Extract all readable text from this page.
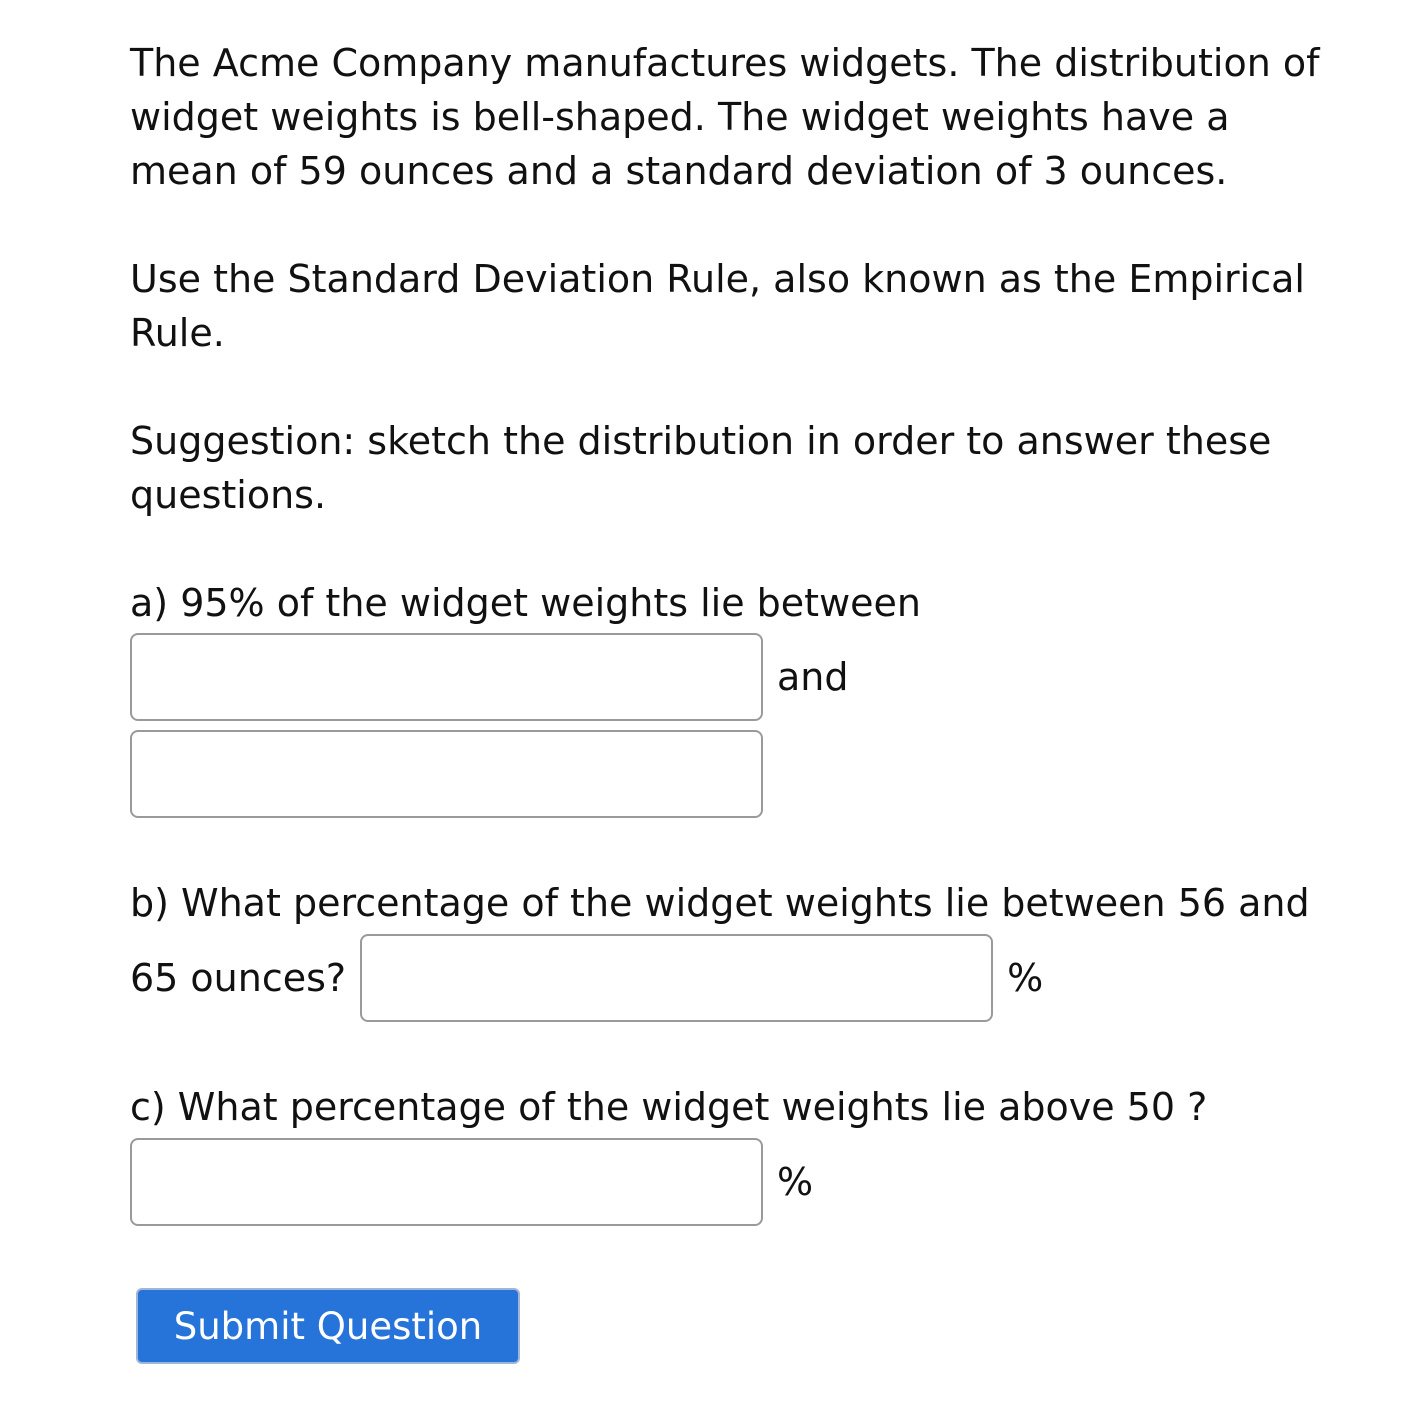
The Acme Company manufactures widgets. The distribution of widget weights is bell-shaped. The widget weights have a mean of 59 ounces and a standard deviation of 3 ounces.

Use the Standard Deviation Rule, also known as the Empirical Rule.

Suggestion: sketch the distribution in order to answer these questions.

a) 95% of the widget weights lie between

and

b) What percentage of the widget weights lie between 56 and

65 ounces?	%

c) What percentage of the widget weights lie above 50 ?

%
Submit Question
